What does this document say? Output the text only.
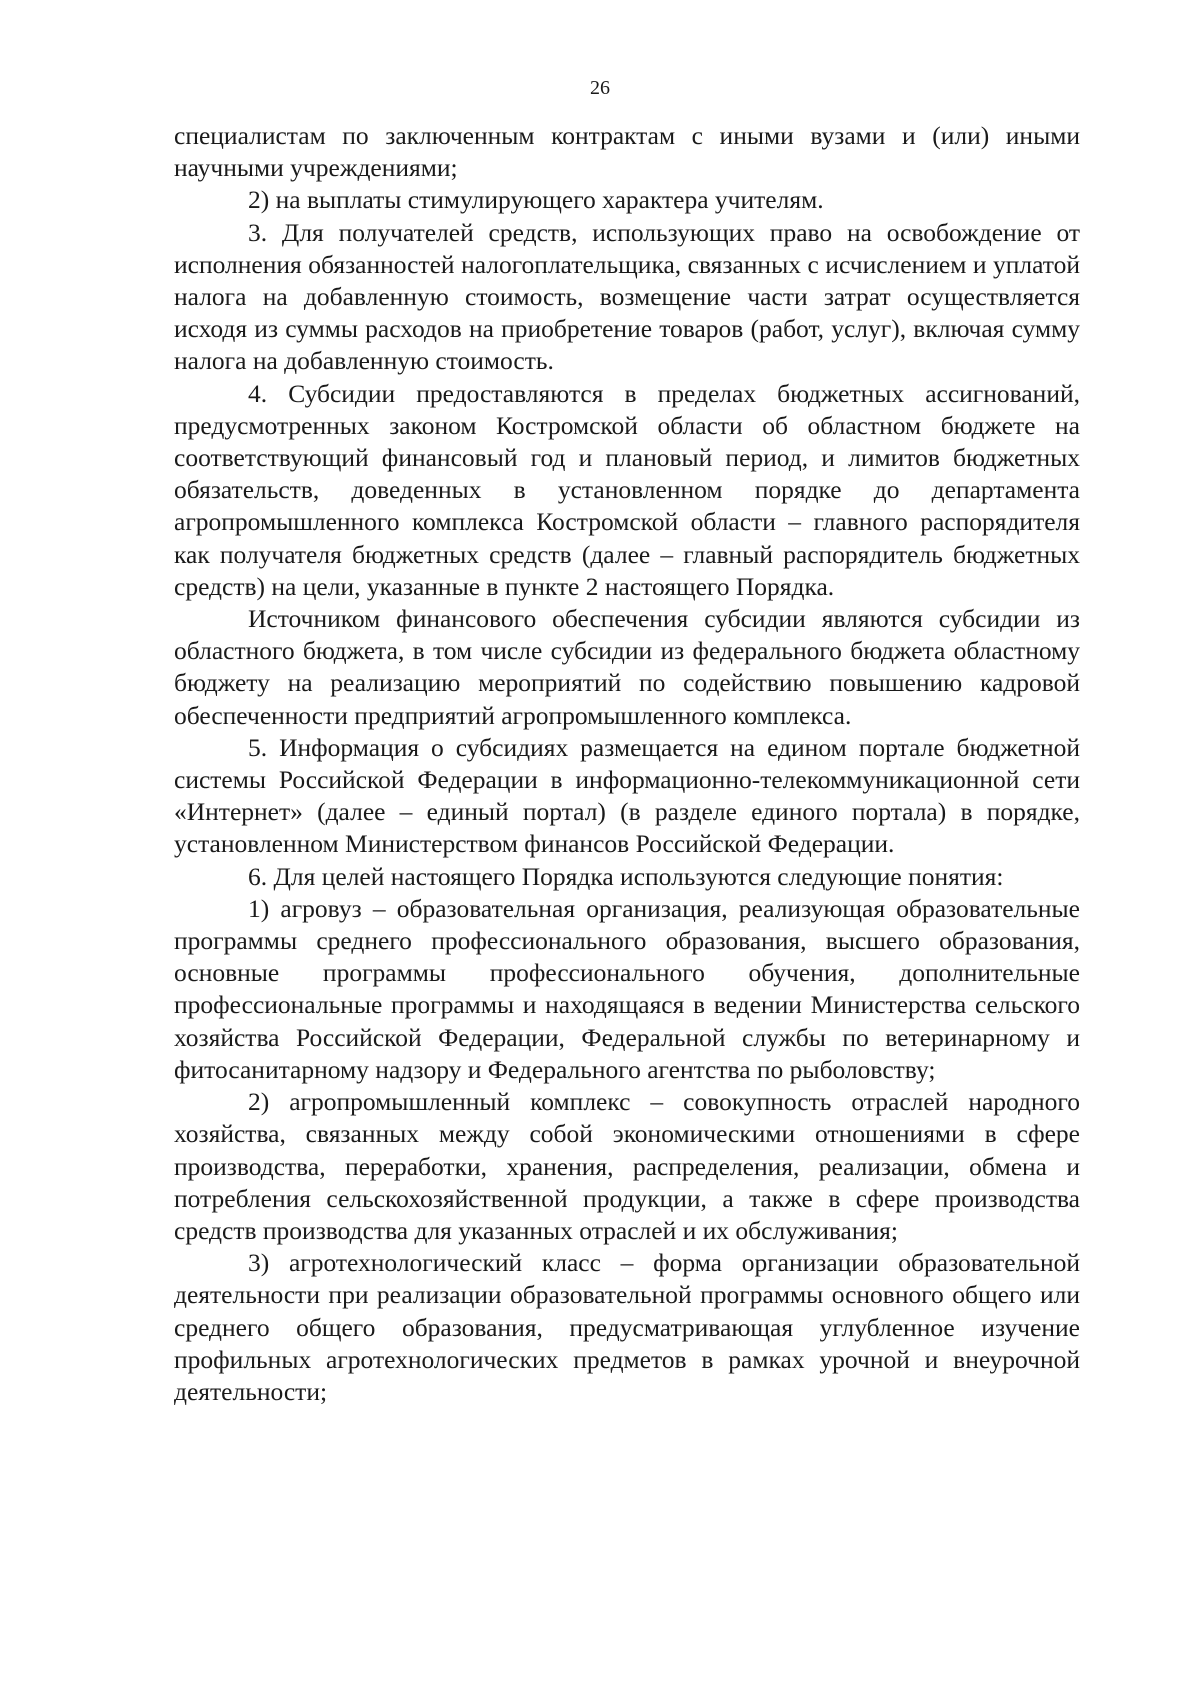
26

специалистам по заключенным контрактам с иными вузами и (или) иными научными учреждениями;

2) на выплаты стимулирующего характера учителям.

3. Для получателей средств, использующих право на освобождение от исполнения обязанностей налогоплательщика, связанных с исчислением и уплатой налога на добавленную стоимость, возмещение части затрат осуществляется исходя из суммы расходов на приобретение товаров (работ, услуг), включая сумму налога на добавленную стоимость.

4. Субсидии предоставляются в пределах бюджетных ассигнований, предусмотренных законом Костромской области об областном бюджете на соответствующий финансовый год и плановый период, и лимитов бюджетных обязательств, доведенных в установленном порядке до департамента агропромышленного комплекса Костромской области – главного распорядителя как получателя бюджетных средств (далее – главный распорядитель бюджетных средств) на цели, указанные в пункте 2 настоящего Порядка.

Источником финансового обеспечения субсидии являются субсидии из областного бюджета, в том числе субсидии из федерального бюджета областному бюджету на реализацию мероприятий по содействию повышению кадровой обеспеченности предприятий агропромышленного комплекса.

5. Информация о субсидиях размещается на едином портале бюджетной системы Российской Федерации в информационно-телекоммуникационной сети «Интернет» (далее – единый портал) (в разделе единого портала) в порядке, установленном Министерством финансов Российской Федерации.

6. Для целей настоящего Порядка используются следующие понятия:

1) агровуз – образовательная организация, реализующая образовательные программы среднего профессионального образования, высшего образования, основные программы профессионального обучения, дополнительные профессиональные программы и находящаяся в ведении Министерства сельского хозяйства Российской Федерации, Федеральной службы по ветеринарному и фитосанитарному надзору и Федерального агентства по рыболовству;

2) агропромышленный комплекс – совокупность отраслей народного хозяйства, связанных между собой экономическими отношениями в сфере производства, переработки, хранения, распределения, реализации, обмена и потребления сельскохозяйственной продукции, а также в сфере производства средств производства для указанных отраслей и их обслуживания;

3) агротехнологический класс – форма организации образовательной деятельности при реализации образовательной программы основного общего или среднего общего образования, предусматривающая углубленное изучение профильных агротехнологических предметов в рамках урочной и внеурочной деятельности;
